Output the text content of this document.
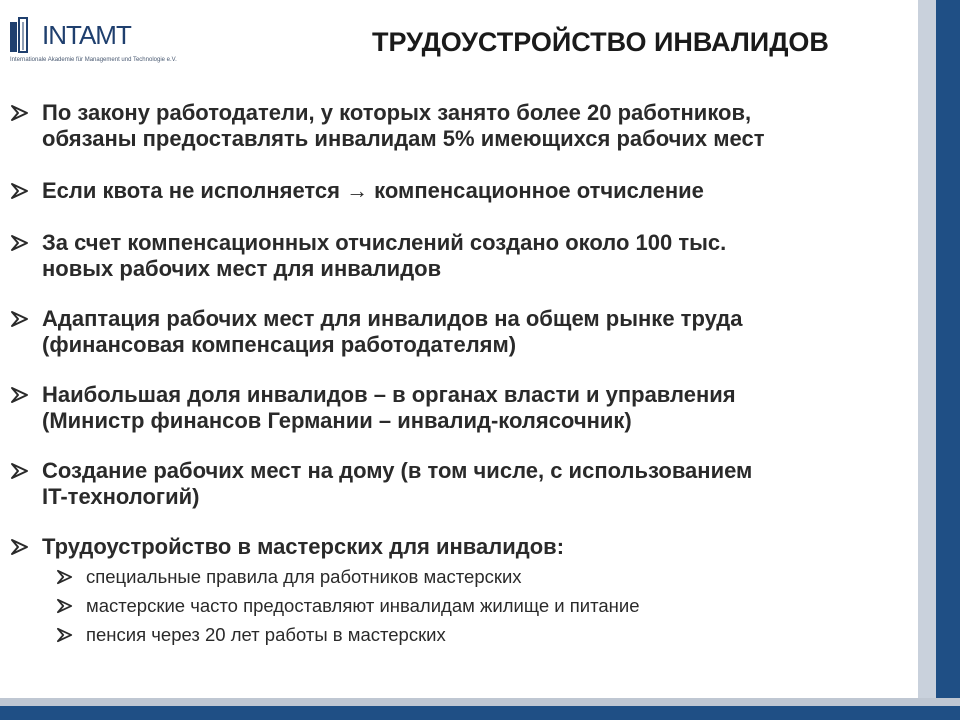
INTAMT
Internationale Akademie für Management und Technologie e.V.
ТРУДОУСТРОЙСТВО ИНВАЛИДОВ
По закону работодатели, у которых занято более 20 работников,
обязаны предоставлять инвалидам 5% имеющихся рабочих мест
Если квота не исполняется → компенсационное отчисление
За счет компенсационных отчислений создано около 100 тыс.
новых рабочих мест для инвалидов
Адаптация рабочих мест для инвалидов на общем рынке труда
(финансовая компенсация работодателям)
Наибольшая доля инвалидов – в органах власти и управления
(Министр финансов Германии – инвалид-колясочник)
Создание рабочих мест на дому (в том числе, с использованием
IT-технологий)
Трудоустройство в мастерских для инвалидов:
специальные правила для работников мастерских
мастерские часто предоставляют инвалидам жилище и питание
пенсия через 20 лет работы в мастерских
